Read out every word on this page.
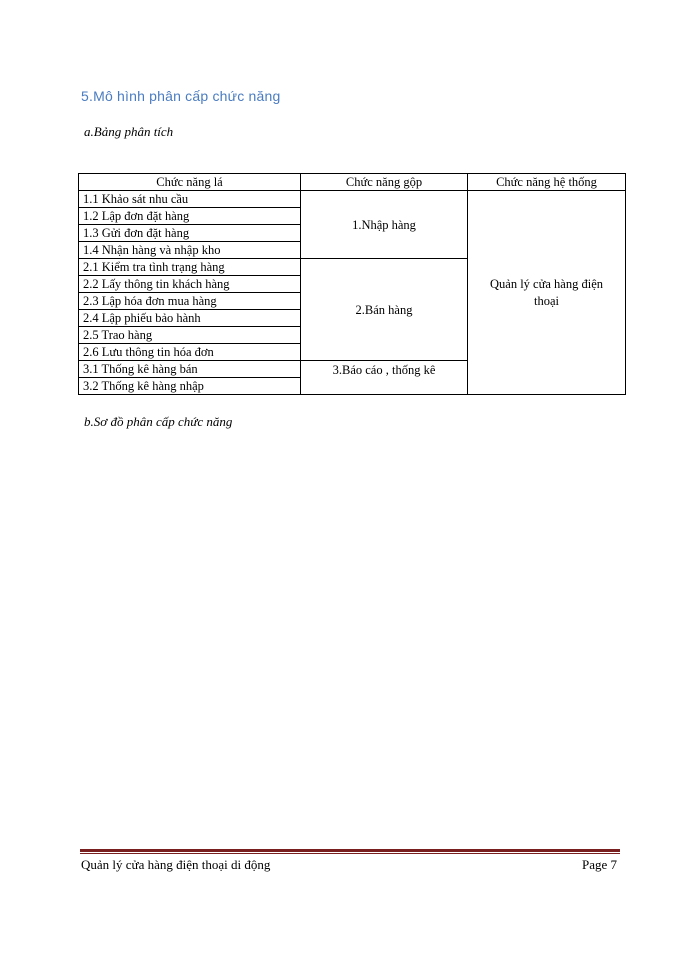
5.Mô hình phân cấp chức năng
a.Bảng phân tích
Chức năng lá	Chức năng gộp	Chức năng hệ thống
1.1 Khảo sát nhu cầu	1.Nhập hàng	Quản lý cửa hàng điện thoại
1.2 Lập đơn đặt hàng		
1.3 Gửi đơn đặt hàng		
1.4 Nhận hàng và nhập kho		
2.1 Kiểm tra tình trạng hàng	2.Bán hàng	
2.2 Lấy thông tin khách hàng		
2.3 Lập hóa đơn mua hàng		
2.4 Lập phiếu bảo hành		
2.5 Trao hàng		
2.6 Lưu thông tin hóa đơn		
3.1 Thống kê hàng bán	3.Báo cáo , thống kê	
3.2 Thống kê hàng nhập		
b.Sơ đồ phân cấp chức năng
Quản lý cửa hàng điện thoại di động	Page 7
